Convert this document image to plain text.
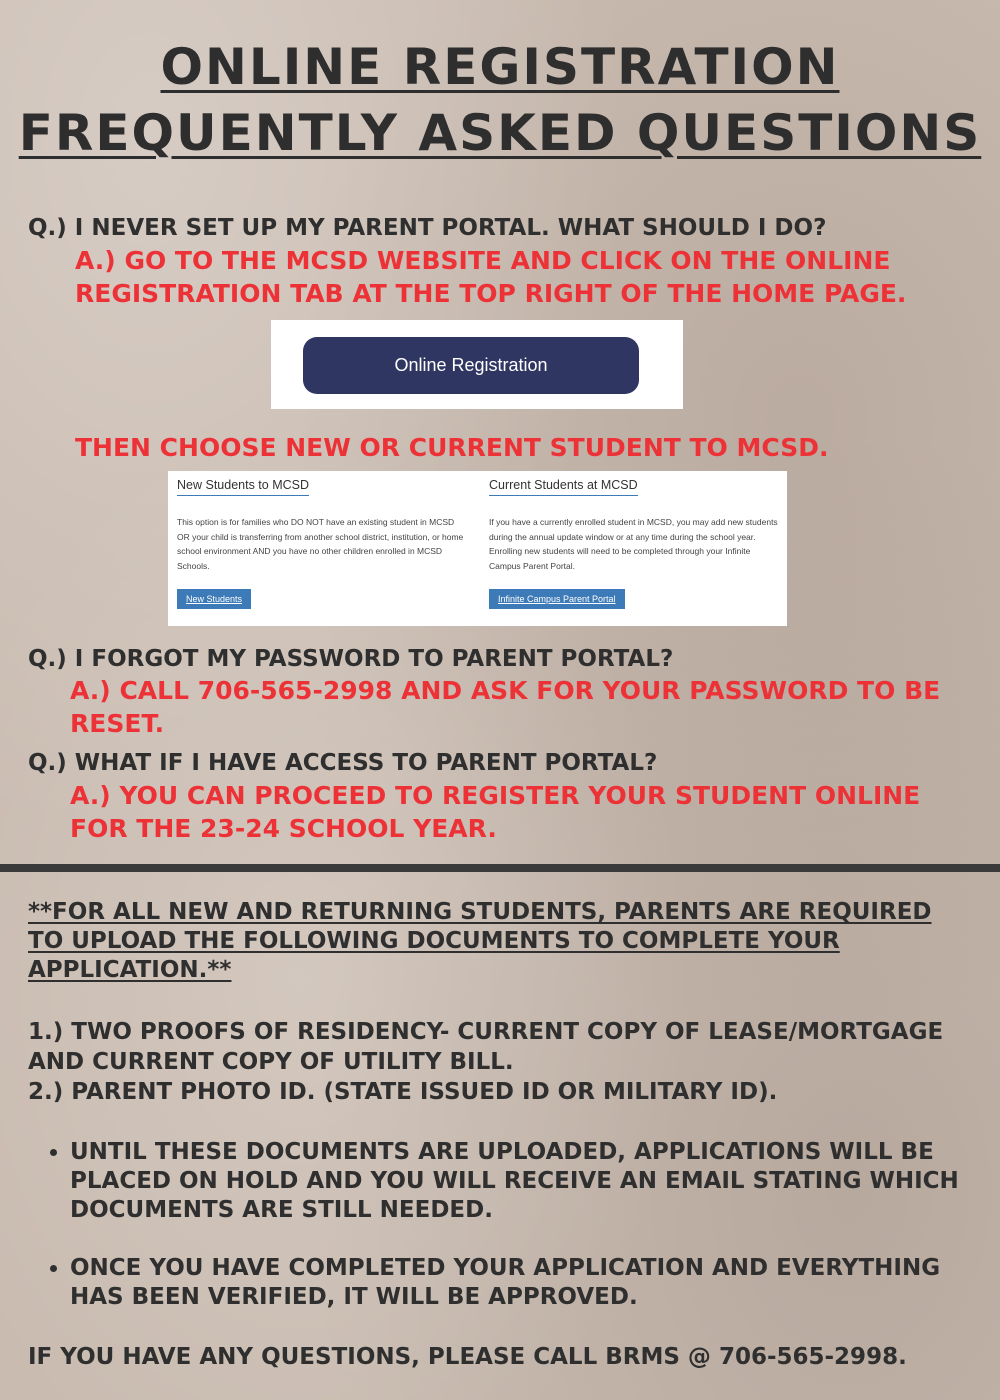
ONLINE REGISTRATION
FREQUENTLY ASKED QUESTIONS
Q.) I NEVER SET UP MY PARENT PORTAL. WHAT SHOULD I DO?
A.) GO TO THE MCSD WEBSITE AND CLICK ON THE ONLINE REGISTRATION TAB AT THE TOP RIGHT OF THE HOME PAGE.
Online Registration
THEN CHOOSE NEW OR CURRENT STUDENT TO MCSD.
New Students to MCSD

This option is for families who DO NOT have an existing student in MCSD OR your child is transferring from another school district, institution, or home school environment AND you have no other children enrolled in MCSD Schools.

New Students
Current Students at MCSD

If you have a currently enrolled student in MCSD, you may add new students during the annual update window or at any time during the school year. Enrolling new students will need to be completed through your Infinite Campus Parent Portal.

Infinite Campus Parent Portal
Q.) I FORGOT MY PASSWORD TO PARENT PORTAL?
A.) CALL 706-565-2998 AND ASK FOR YOUR PASSWORD TO BE RESET.
Q.) WHAT IF I HAVE ACCESS TO PARENT PORTAL?
A.) YOU CAN PROCEED TO REGISTER YOUR STUDENT ONLINE FOR THE 23-24 SCHOOL YEAR.
**FOR ALL NEW AND RETURNING STUDENTS, PARENTS ARE REQUIRED TO UPLOAD THE FOLLOWING DOCUMENTS TO COMPLETE YOUR APPLICATION.**
1.) TWO PROOFS OF RESIDENCY- CURRENT COPY OF LEASE/MORTGAGE AND CURRENT COPY OF UTILITY BILL.
2.) PARENT PHOTO ID. (STATE ISSUED ID OR MILITARY ID).
• UNTIL THESE DOCUMENTS ARE UPLOADED, APPLICATIONS WILL BE PLACED ON HOLD AND YOU WILL RECEIVE AN EMAIL STATING WHICH DOCUMENTS ARE STILL NEEDED.
• ONCE YOU HAVE COMPLETED YOUR APPLICATION AND EVERYTHING HAS BEEN VERIFIED, IT WILL BE APPROVED.
IF YOU HAVE ANY QUESTIONS, PLEASE CALL BRMS @ 706-565-2998.
